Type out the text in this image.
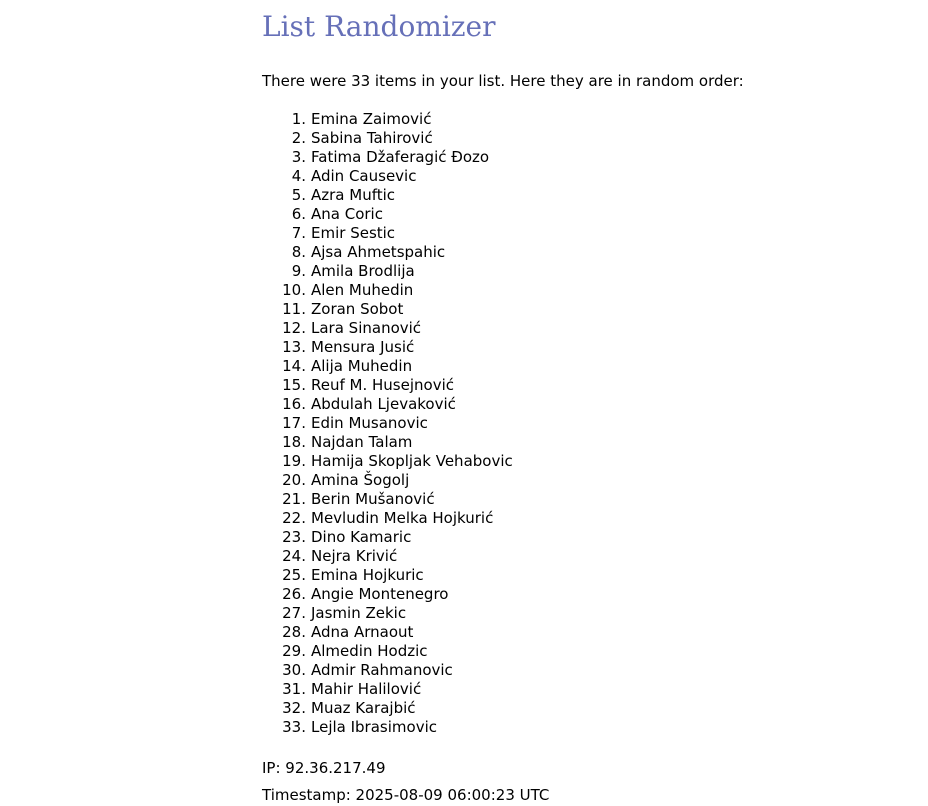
List Randomizer

There were 33 items in your list. Here they are in random order:

1. Emina Zaimović
2. Sabina Tahirović
3. Fatima Džaferagić Đozo
4. Adin Causevic
5. Azra Muftic
6. Ana Coric
7. Emir Sestic
8. Ajsa Ahmetspahic
9. Amila Brodlija
10. Alen Muhedin
11. Zoran Sobot
12. Lara Sinanović
13. Mensura Jusić
14. Alija Muhedin
15. Reuf M. Husejnović
16. Abdulah Ljevaković
17. Edin Musanovic
18. Najdan Talam
19. Hamija Skopljak Vehabovic
20. Amina Šogolj
21. Berin Mušanović
22. Mevludin Melka Hojkurić
23. Dino Kamaric
24. Nejra Krivić
25. Emina Hojkuric
26. Angie Montenegro
27. Jasmin Zekic
28. Adna Arnaout
29. Almedin Hodzic
30. Admir Rahmanovic
31. Mahir Halilović
32. Muaz Karajbić
33. Lejla Ibrasimovic

IP: 92.36.217.49

Timestamp: 2025-08-09 06:00:23 UTC
